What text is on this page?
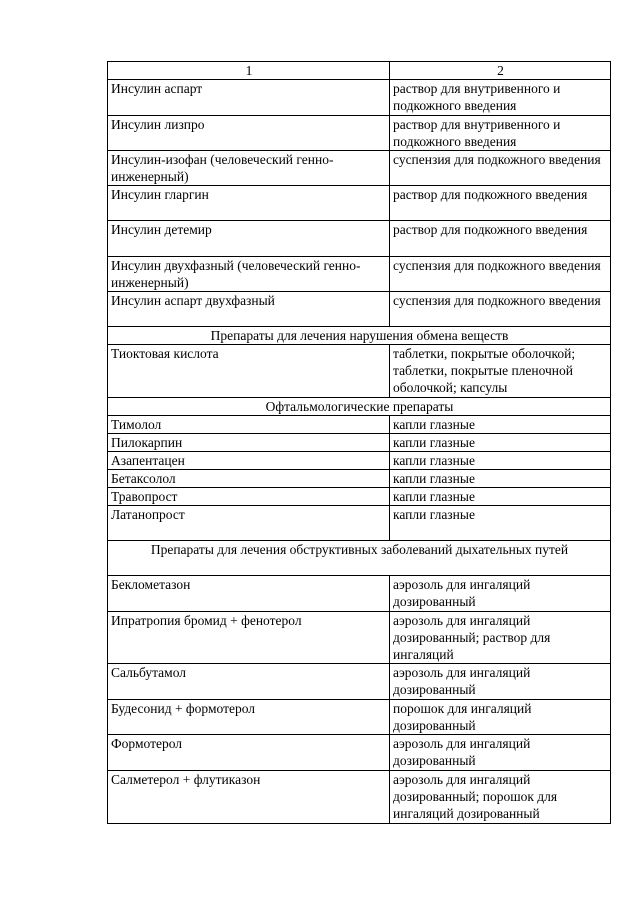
1	2
Инсулин аспарт	раствор для внутривенного и подкожного введения
Инсулин лизпро	раствор для внутривенного и подкожного введения
Инсулин-изофан (человеческий генно-инженерный)	суспензия для подкожного введения
Инсулин гларгин	раствор для подкожного введения
Инсулин детемир	раствор для подкожного введения
Инсулин двухфазный (человеческий генно-инженерный)	суспензия для подкожного введения
Инсулин аспарт двухфазный	суспензия для подкожного введения
Препараты для лечения нарушения обмена веществ	
Тиоктовая кислота	таблетки, покрытые оболочкой; таблетки, покрытые пленочной оболочкой; капсулы
Офтальмологические препараты	
Тимолол	капли глазные
Пилокарпин	капли глазные
Азапентацен	капли глазные
Бетаксолол	капли глазные
Травопрост	капли глазные
Латанопрост	капли глазные
Препараты для лечения обструктивных заболеваний дыхательных путей	
Беклометазон	аэрозоль для ингаляций дозированный
Ипратропия бромид + фенотерол	аэрозоль для ингаляций дозированный; раствор для ингаляций
Сальбутамол	аэрозоль для ингаляций дозированный
Будесонид + формотерол	порошок для ингаляций дозированный
Формотерол	аэрозоль для ингаляций дозированный
Салметерол + флутиказон	аэрозоль для ингаляций дозированный; порошок для ингаляций дозированный
